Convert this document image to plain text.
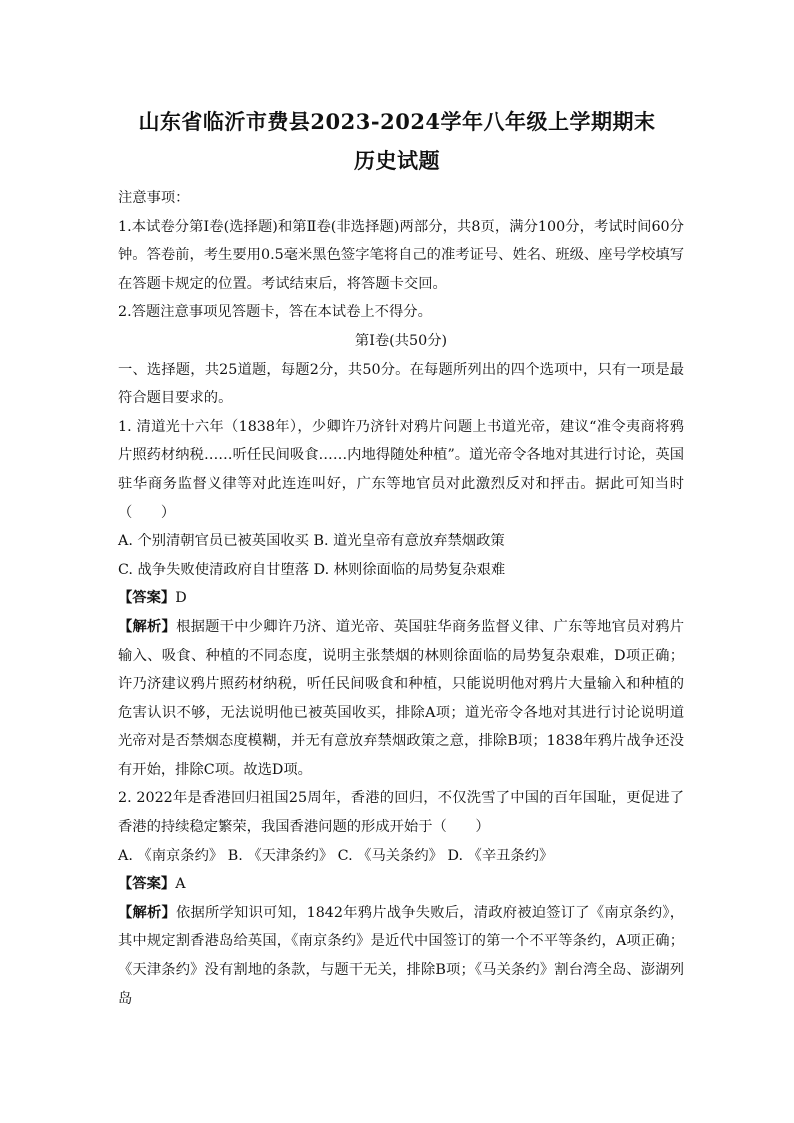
山东省临沂市费县2023-2024学年八年级上学期期末
历史试题

注意事项：

1.本试卷分第Ⅰ卷(选择题)和第Ⅱ卷(非选择题)两部分，共8页，满分100分，考试时间60分钟。答卷前，考生要用0.5毫米黑色签字笔将自己的准考证号、姓名、班级、座号学校填写在答题卡规定的位置。考试结束后，将答题卡交回。

2.答题注意事项见答题卡，答在本试卷上不得分。

第Ⅰ卷(共50分)

一、选择题，共25道题，每题2分，共50分。在每题所列出的四个选项中，只有一项是最符合题目要求的。

1. 清道光十六年（1838年），少卿许乃济针对鸦片问题上书道光帝，建议“准令夷商将鸦片照药材纳税……听任民间吸食……内地得随处种植”。道光帝令各地对其进行讨论，英国驻华商务监督义律等对此连连叫好，广东等地官员对此激烈反对和抨击。据此可知当时（　　）

A. 个别清朝官员已被英国收买 B. 道光皇帝有意放弃禁烟政策

C. 战争失败使清政府自甘堕落 D. 林则徐面临的局势复杂艰难

【答案】D

【解析】根据题干中少卿许乃济、道光帝、英国驻华商务监督义律、广东等地官员对鸦片输入、吸食、种植的不同态度，说明主张禁烟的林则徐面临的局势复杂艰难，D项正确；许乃济建议鸦片照药材纳税，听任民间吸食和种植，只能说明他对鸦片大量输入和种植的危害认识不够，无法说明他已被英国收买，排除A项；道光帝令各地对其进行讨论说明道光帝对是否禁烟态度模糊，并无有意放弃禁烟政策之意，排除B项；1838年鸦片战争还没有开始，排除C项。故选D项。

2. 2022年是香港回归祖国25周年，香港的回归，不仅洗雪了中国的百年国耻，更促进了香港的持续稳定繁荣，我国香港问题的形成开始于（　　）

A. 《南京条约》 B. 《天津条约》 C. 《马关条约》 D. 《辛丑条约》

【答案】A

【解析】依据所学知识可知，1842年鸦片战争失败后，清政府被迫签订了《南京条约》，其中规定割香港岛给英国，《南京条约》是近代中国签订的第一个不平等条约，A项正确；《天津条约》没有割地的条款，与题干无关，排除B项；《马关条约》割台湾全岛、澎湖列岛
